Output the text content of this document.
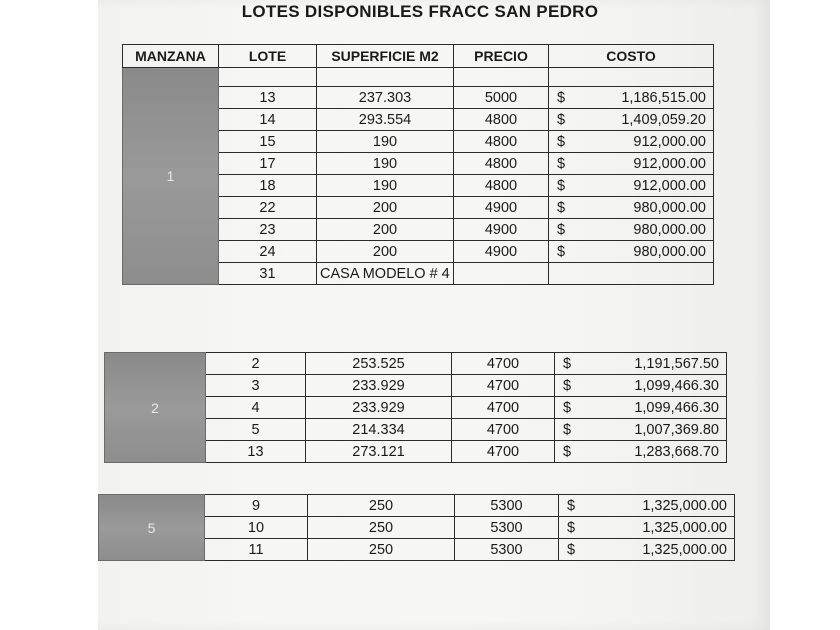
LOTES DISPONIBLES FRACC SAN PEDRO
MANZANA	LOTE	SUPERFICIE M2	PRECIO	COSTO
1				
	13	237.303	5000	$ 1,186,515.00

	14	293.554	4800	$ 1,409,059.20

	15	190	4800	$ 912,000.00

	17	190	4800	$ 912,000.00

	18	190	4800	$ 912,000.00

	22	200	4900	$ 980,000.00

	23	200	4900	$ 980,000.00

	24	200	4900	$ 980,000.00

	31	CASA MODELO # 4		
2	2	253.525	4700	$ 1,191,567.50

	3	233.929	4700	$ 1,099,466.30

	4	233.929	4700	$ 1,099,466.30

	5	214.334	4700	$ 1,007,369.80

	13	273.121	4700	$ 1,283,668.70
5	9	250	5300	$ 1,325,000.00

	10	250	5300	$ 1,325,000.00

	11	250	5300	$ 1,325,000.00
